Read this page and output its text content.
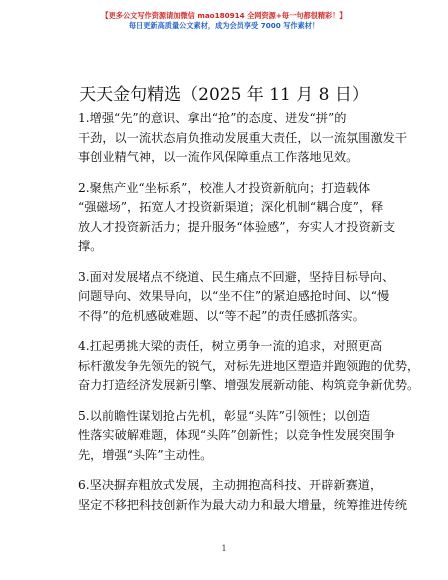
【更多公文写作资源请加微信 mao180914 全网资源+每一句都很精彩！】
每日更新高质量公文素材，成为会员享受 7000 写作素材！
天天金句精选（2025 年 11 月 8 日）

1.增强“先”的意识、拿出“抢”的态度、迸发“拼”的
干劲，以一流状态肩负推动发展重大责任，以一流氛围激发干
事创业精气神，以一流作风保障重点工作落地见效。

2.聚焦产业“坐标系”，校准人才投资新航向；打造载体
“强磁场”，拓宽人才投资新渠道；深化机制“耦合度”，释
放人才投资新活力；提升服务“体验感”，夯实人才投资新支
撑。

3.面对发展堵点不绕道、民生痛点不回避，坚持目标导向、
问题导向、效果导向，以“坐不住”的紧迫感抢时间、以“慢
不得”的危机感破难题、以“等不起”的责任感抓落实。

4.扛起勇挑大梁的责任，树立勇争一流的追求，对照更高
标杆激发争先领先的锐气，对标先进地区塑造并跑领跑的优势，
奋力打造经济发展新引擎、增强发展新动能、构筑竞争新优势。

5.以前瞻性谋划抢占先机，彰显“头阵”引领性；以创造
性落实破解难题，体现“头阵”创新性；以竞争性发展突围争
先，增强“头阵”主动性。

6.坚决摒弃粗放式发展，主动拥抱高科技、开辟新赛道，
坚定不移把科技创新作为最大动力和最大增量，统筹推进传统

1
